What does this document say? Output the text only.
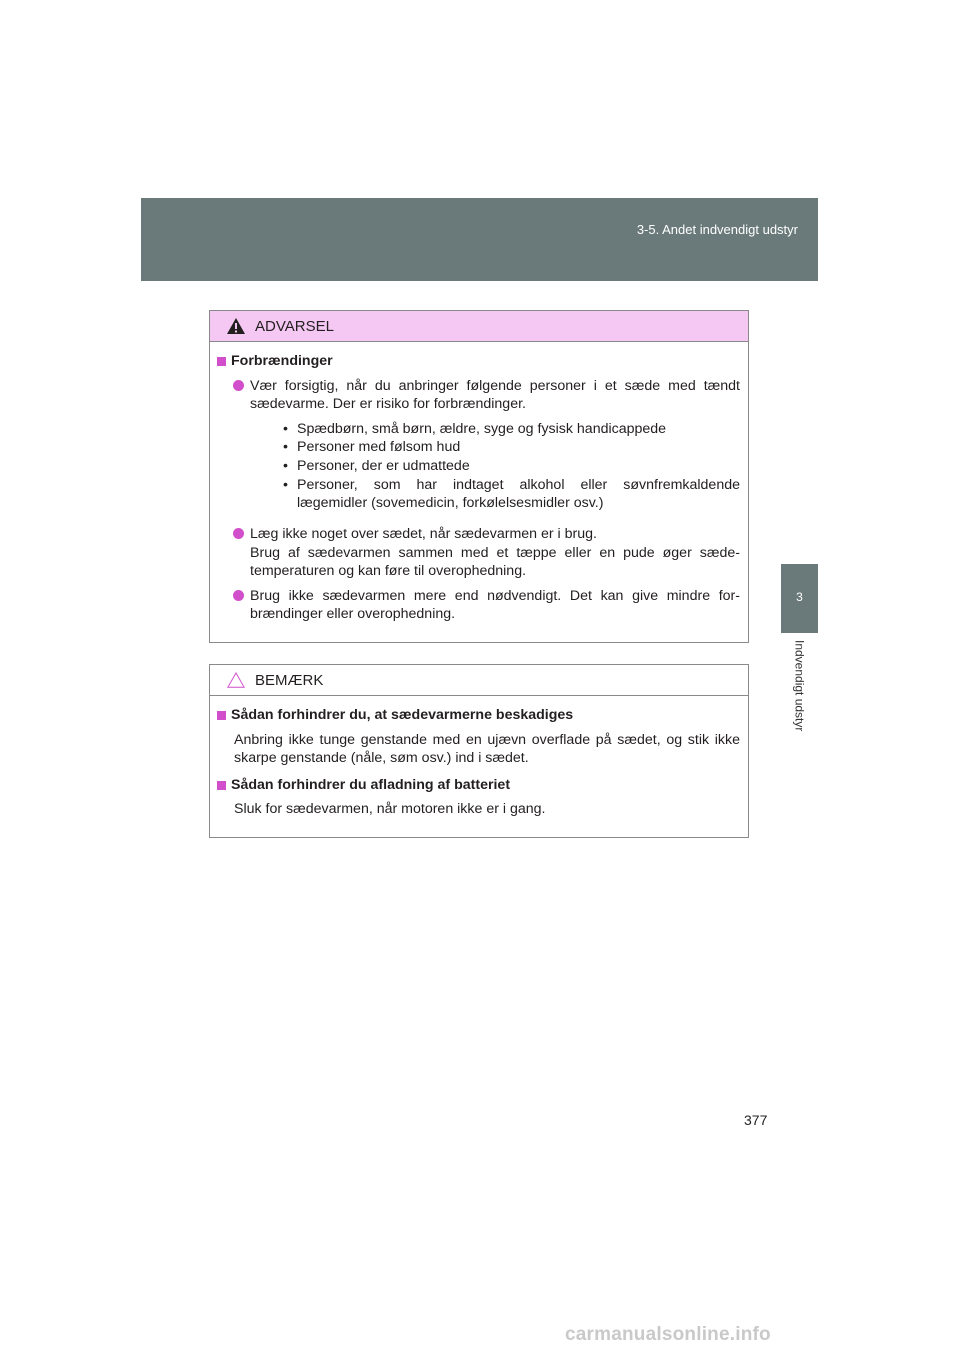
3-5. Andet indvendigt udstyr
3
Indvendigt udstyr
ADVARSEL
Forbrændinger

Vær forsigtig, når du anbringer følgende personer i et sæde med tændt sædevarme. Der er risiko for forbrændinger.

• Spædbørn, små børn, ældre, syge og fysisk handicappede
• Personer med følsom hud
• Personer, der er udmattede
• Personer, som har indtaget alkohol eller søvnfremkaldende lægemidler (sovemedicin, forkølelsesmidler osv.)

Læg ikke noget over sædet, når sædevarmen er i brug.

Brug af sædevarmen sammen med et tæppe eller en pude øger sæde-temperaturen og kan føre til overophedning.

Brug ikke sædevarmen mere end nødvendigt. Det kan give mindre for-brændinger eller overophedning.

BEMÆRK
Sådan forhindrer du, at sædevarmerne beskadiges
Anbring ikke tunge genstande med en ujævn overflade på sædet, og stik ikke skarpe genstande (nåle, søm osv.) ind i sædet.
Sådan forhindrer du afladning af batteriet
Sluk for sædevarmen, når motoren ikke er i gang.
377
carmanualsonline.info
